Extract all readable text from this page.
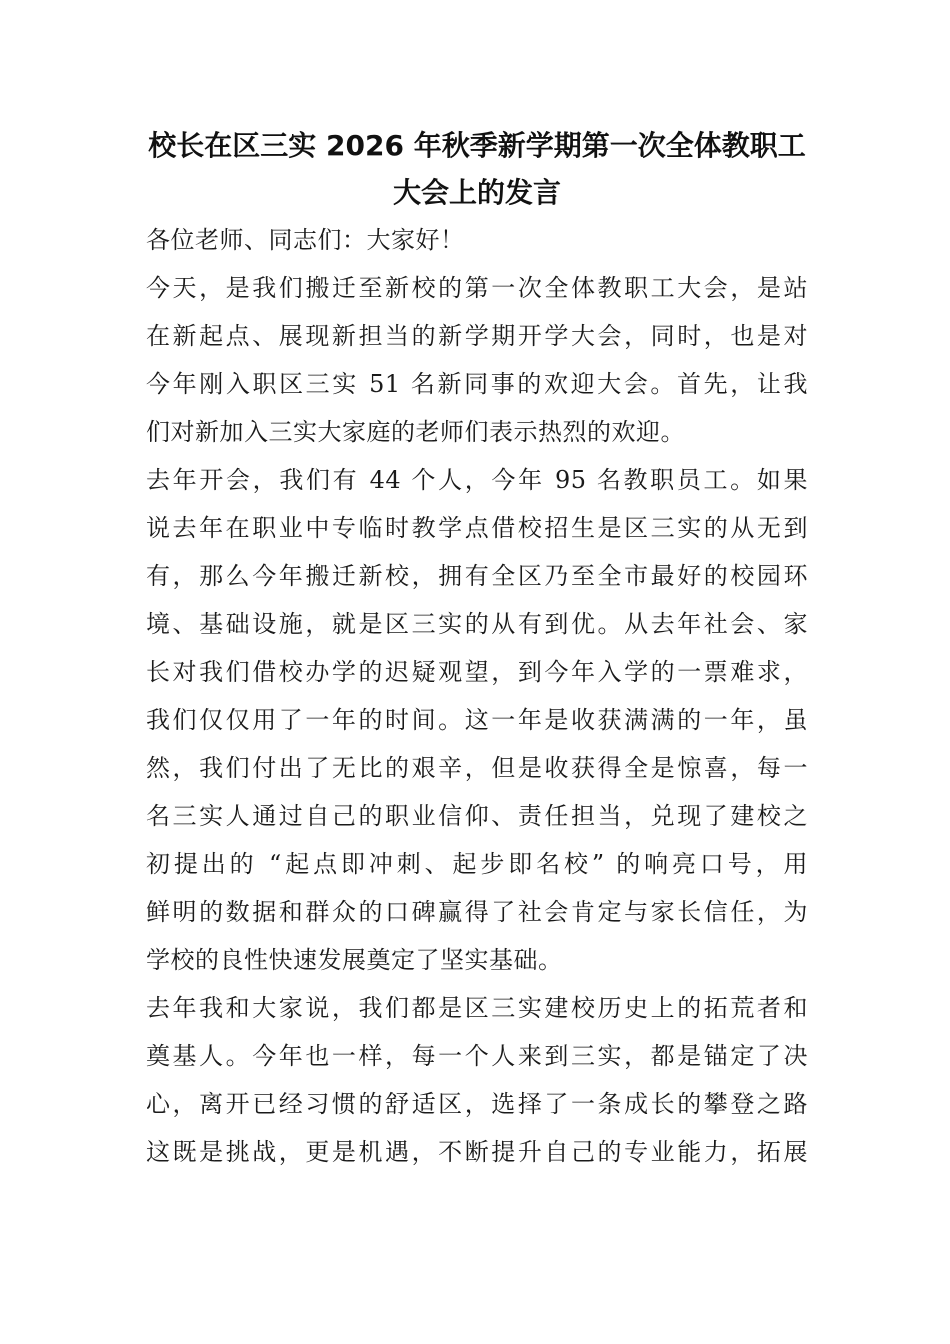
校长在区三实 2026 年秋季新学期第一次全体教职工
大会上的发言
各位老师、同志们：大家好！
今天，是我们搬迁至新校的第一次全体教职工大会，是站
在新起点、展现新担当的新学期开学大会，同时，也是对
今年刚入职区三实 51 名新同事的欢迎大会。首先，让我
们对新加入三实大家庭的老师们表示热烈的欢迎。
去年开会，我们有 44 个人，今年 95 名教职员工。如果
说去年在职业中专临时教学点借校招生是区三实的从无到
有，那么今年搬迁新校，拥有全区乃至全市最好的校园环
境、基础设施，就是区三实的从有到优。从去年社会、家
长对我们借校办学的迟疑观望，到今年入学的一票难求，
我们仅仅用了一年的时间。这一年是收获满满的一年，虽
然，我们付出了无比的艰辛，但是收获得全是惊喜，每一
名三实人通过自己的职业信仰、责任担当，兑现了建校之
初提出的 “起点即冲刺、起步即名校” 的响亮口号，用
鲜明的数据和群众的口碑赢得了社会肯定与家长信任，为
学校的良性快速发展奠定了坚实基础。
去年我和大家说，我们都是区三实建校历史上的拓荒者和
奠基人。今年也一样，每一个人来到三实，都是锚定了决
心，离开已经习惯的舒适区，选择了一条成长的攀登之路
这既是挑战，更是机遇，不断提升自己的专业能力，拓展
